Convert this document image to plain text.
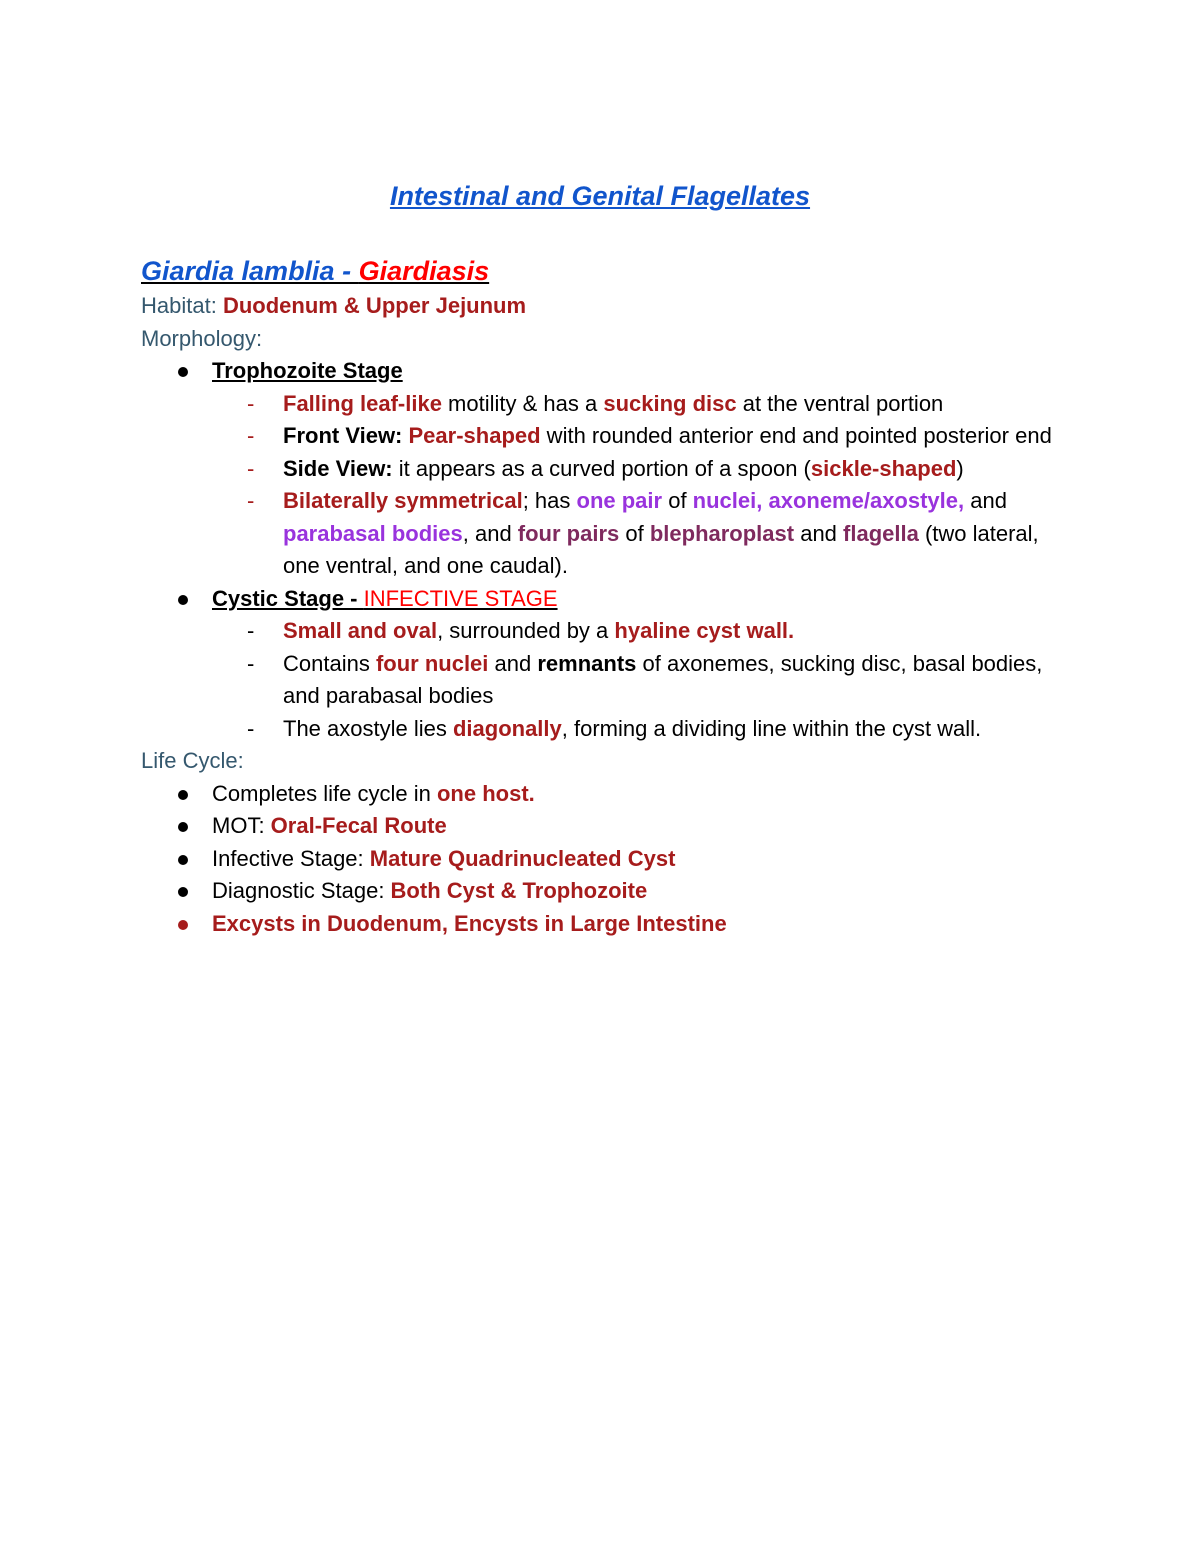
Intestinal and Genital Flagellates
Giardia lamblia - Giardiasis
Habitat: Duodenum & Upper Jejunum
Morphology:
Trophozoite Stage
- Falling leaf-like motility & has a sucking disc at the ventral portion
- Front View: Pear-shaped with rounded anterior end and pointed posterior end
- Side View: it appears as a curved portion of a spoon (sickle-shaped)
- Bilaterally symmetrical; has one pair of nuclei, axoneme/axostyle, and parabasal bodies, and four pairs of blepharoplast and flagella (two lateral, one ventral, and one caudal).
Cystic Stage - INFECTIVE STAGE
- Small and oval, surrounded by a hyaline cyst wall.
- Contains four nuclei and remnants of axonemes, sucking disc, basal bodies, and parabasal bodies
- The axostyle lies diagonally, forming a dividing line within the cyst wall.
Life Cycle:
Completes life cycle in one host.
MOT: Oral-Fecal Route
Infective Stage: Mature Quadrinucleated Cyst
Diagnostic Stage: Both Cyst & Trophozoite
Excysts in Duodenum, Encysts in Large Intestine
